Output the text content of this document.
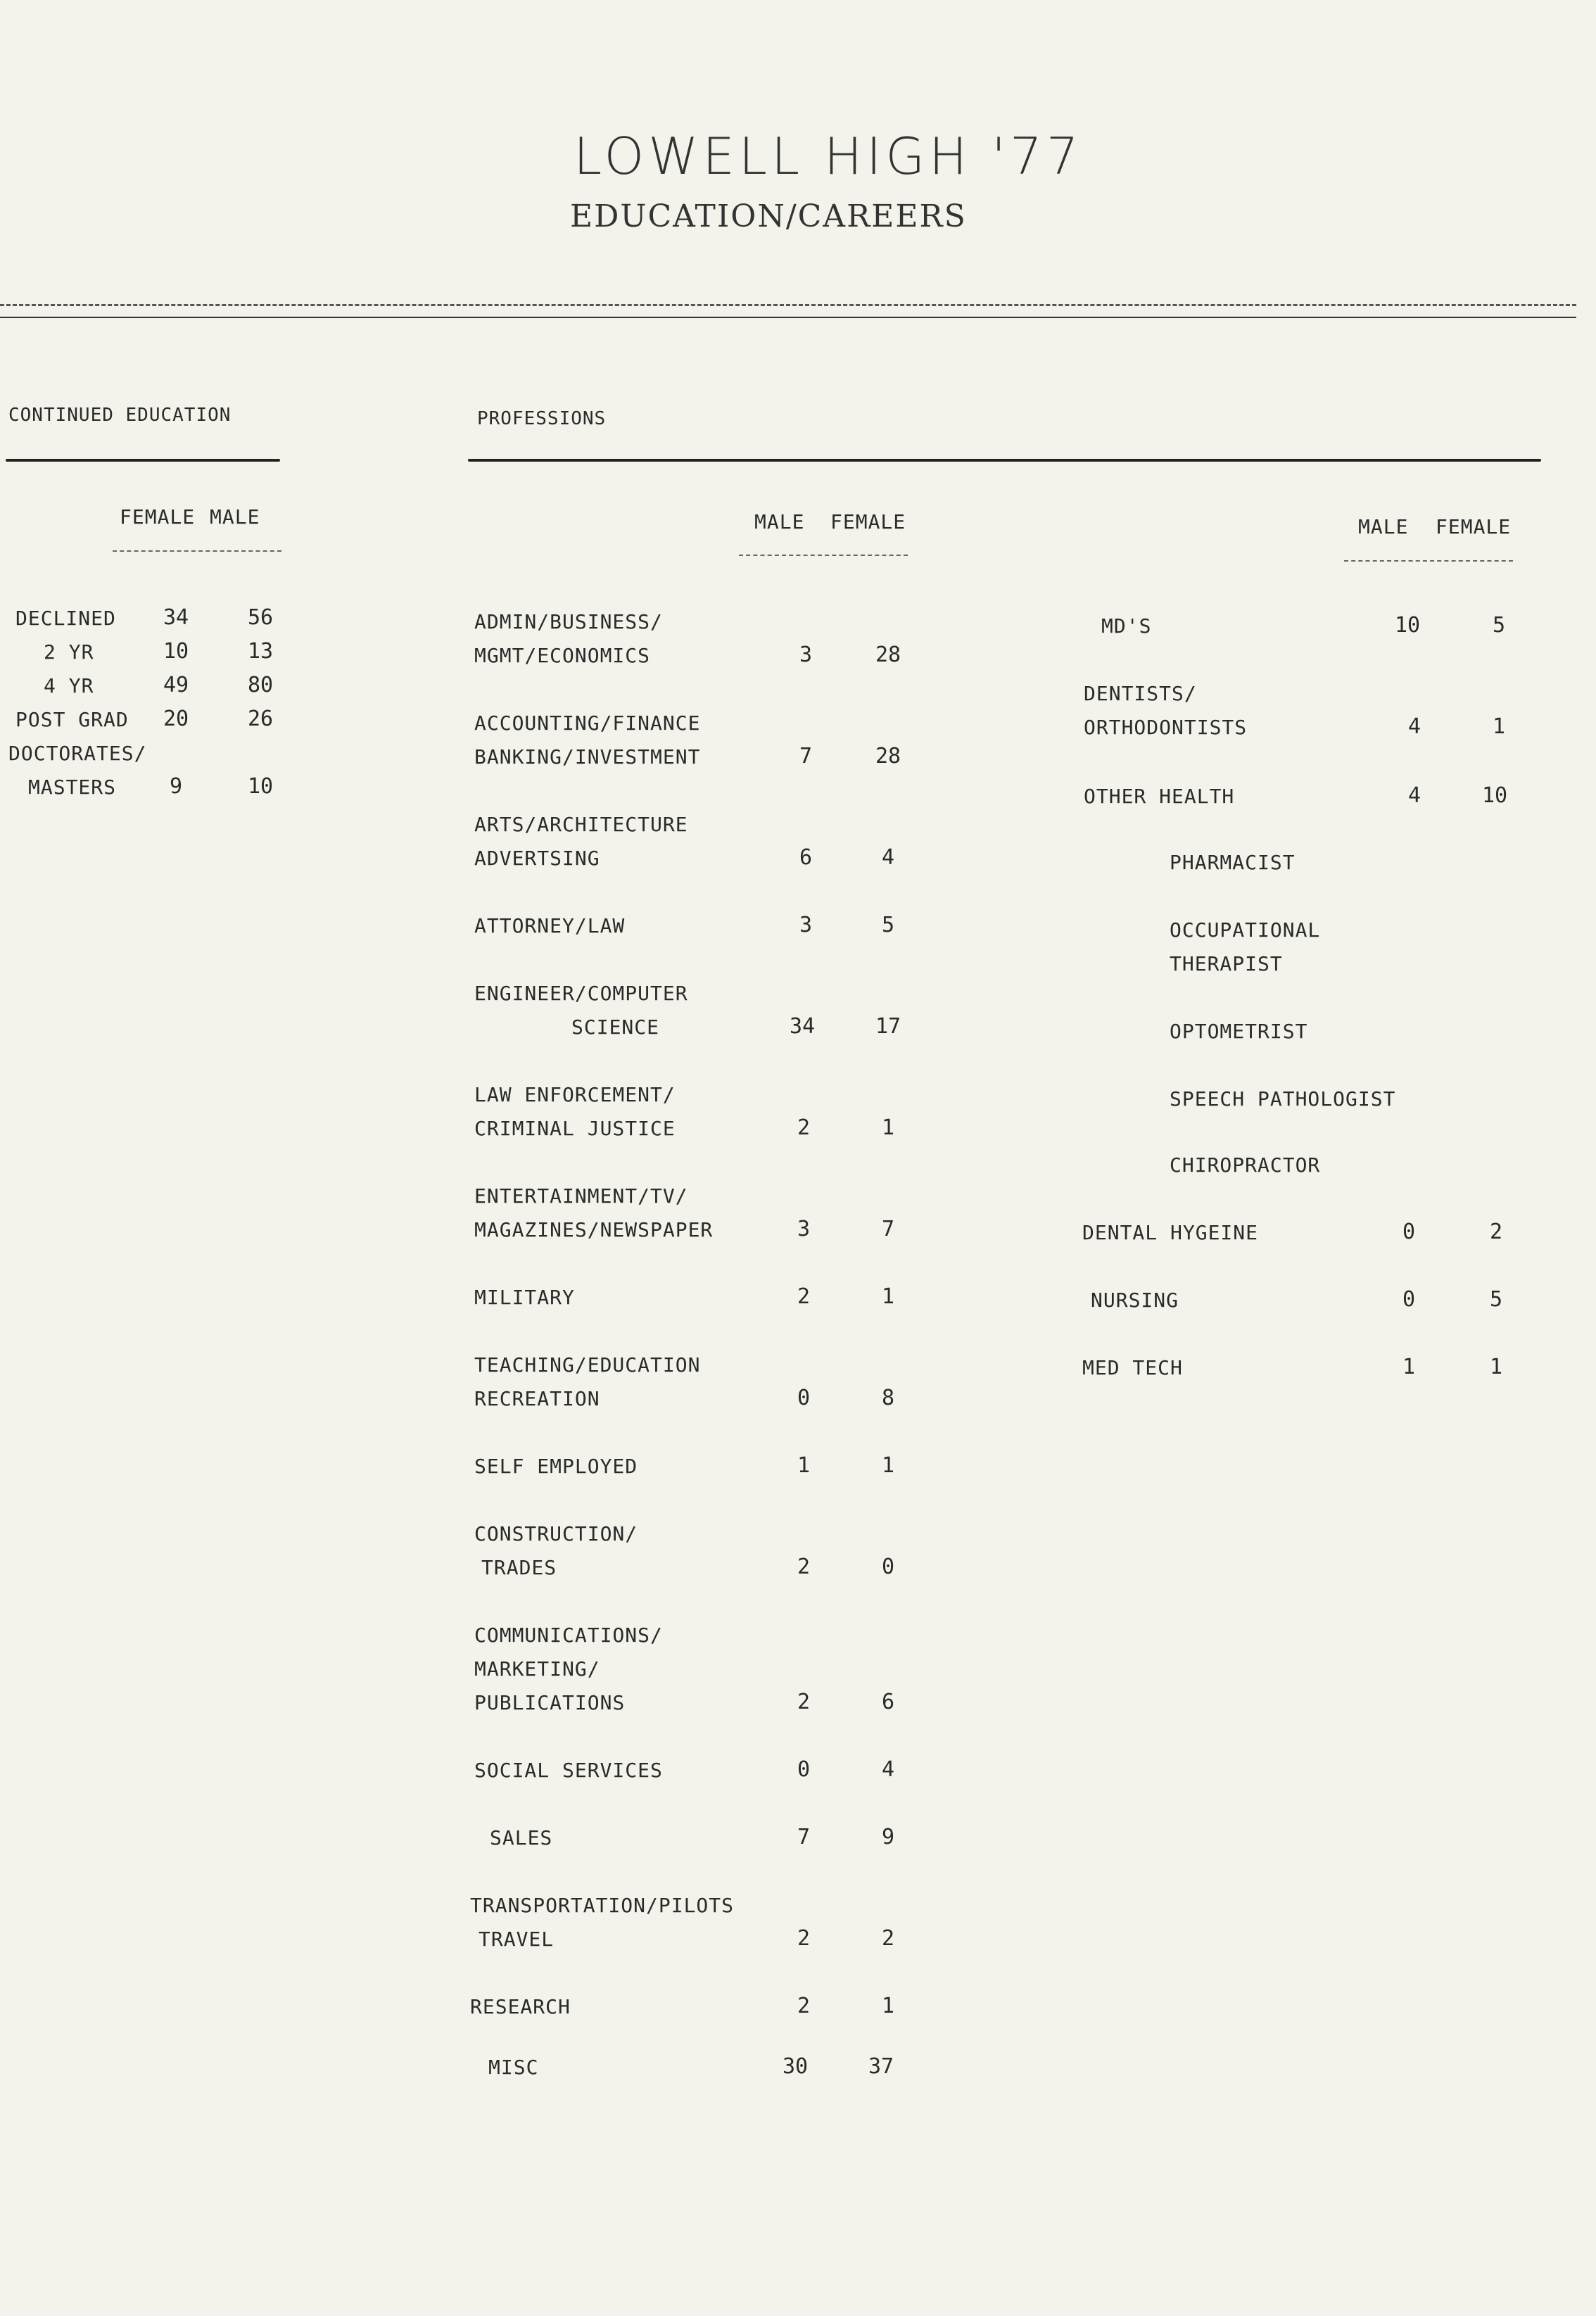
LOWELL HIGH '77
EDUCATION/CAREERS
CONTINUED EDUCATION
FEMALE MALE
DECLINED	34	56
2 YR	10	13
4 YR	49	80
POST GRAD	20	26
DOCTORATES/
MASTERS	9	10
PROFESSIONS
MALE FEMALE
ADMIN/BUSINESS/
MGMT/ECONOMICS	3	28
ACCOUNTING/FINANCE
BANKING/INVESTMENT	7	28
ARTS/ARCHITECTURE
ADVERTSING	6	4
ATTORNEY/LAW	3	5
ENGINEER/COMPUTER
SCIENCE	34	17
LAW ENFORCEMENT/
CRIMINAL JUSTICE	2	1
ENTERTAINMENT/TV/
MAGAZINES/NEWSPAPER	3	7
MILITARY	2	1
TEACHING/EDUCATION
RECREATION	0	8
SELF EMPLOYED	1	1
CONSTRUCTION/
TRADES	2	0
COMMUNICATIONS/
MARKETING/
PUBLICATIONS	2	6
SOCIAL SERVICES	0	4
SALES	7	9
TRANSPORTATION/PILOTS
TRAVEL	2	2
RESEARCH	2	1
MISC	30	37
MALE FEMALE
MD'S	10	5
DENTISTS/
ORTHODONTISTS	4	1
OTHER HEALTH	4	10
PHARMACIST
OCCUPATIONAL
THERAPIST
OPTOMETRIST
SPEECH PATHOLOGIST
CHIROPRACTOR
DENTAL HYGEINE	0	2
NURSING	0	5
MED TECH	1	1
